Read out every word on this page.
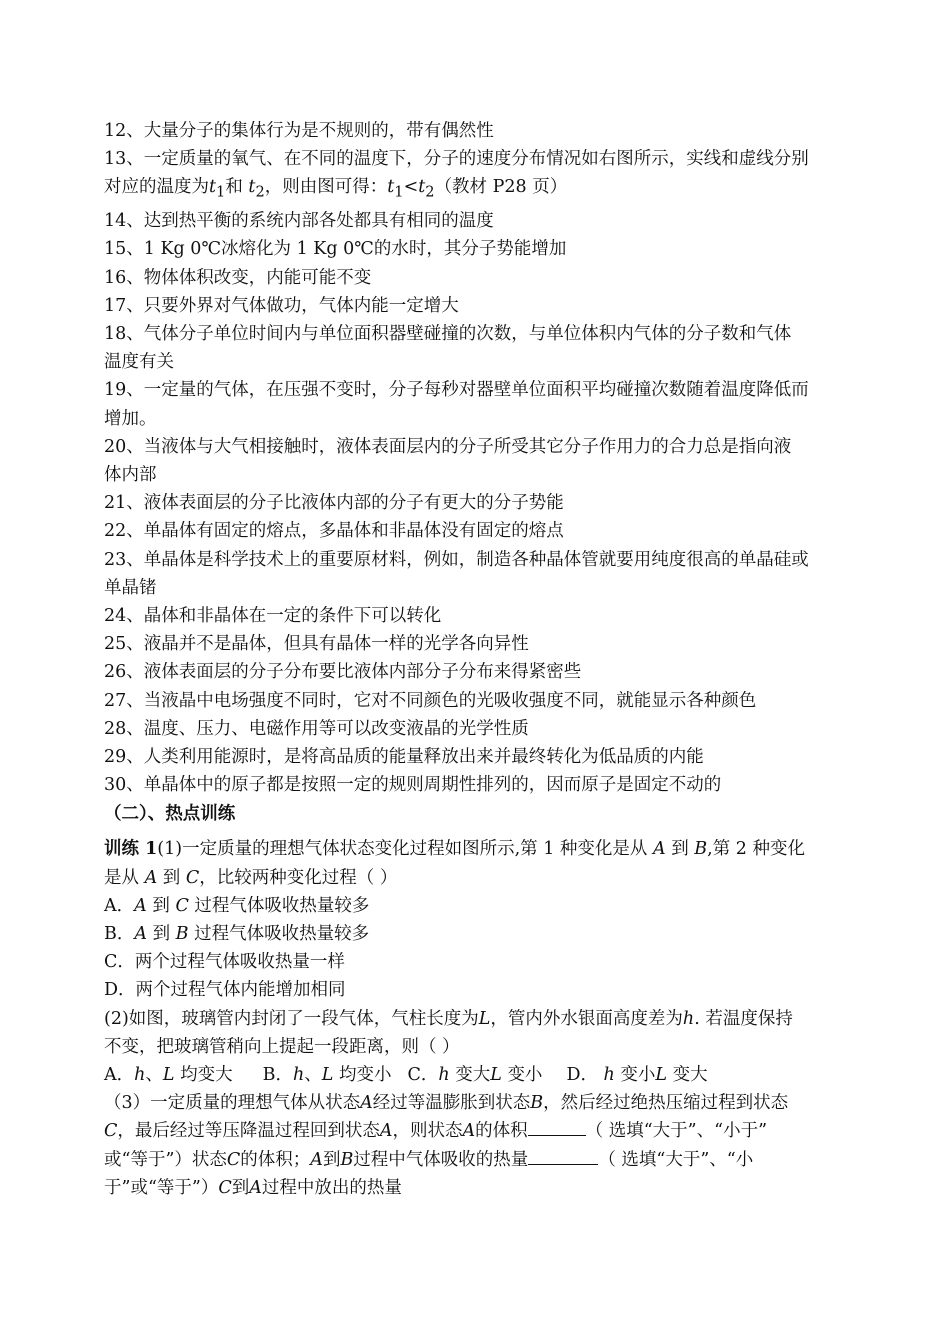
12、大量分子的集体行为是不规则的，带有偶然性
13、一定质量的氧气、在不同的温度下，分子的速度分布情况如右图所示，实线和虚线分别
对应的温度为$t_1$和 $t_2$，则由图可得：$t_1<t_2$（教材 P28 页）
14、达到热平衡的系统内部各处都具有相同的温度
15、1 Kg 0℃冰熔化为 1 Kg 0℃的水时，其分子势能增加
16、物体体积改变，内能可能不变
17、只要外界对气体做功，气体内能一定增大
18、气体分子单位时间内与单位面积器壁碰撞的次数，与单位体积内气体的分子数和气体
温度有关
19、一定量的气体，在压强不变时，分子每秒对器壁单位面积平均碰撞次数随着温度降低而
增加。
20、当液体与大气相接触时，液体表面层内的分子所受其它分子作用力的合力总是指向液
体内部
21、液体表面层的分子比液体内部的分子有更大的分子势能
22、单晶体有固定的熔点，多晶体和非晶体没有固定的熔点
23、单晶体是科学技术上的重要原材料，例如，制造各种晶体管就要用纯度很高的单晶硅或
单晶锗
24、晶体和非晶体在一定的条件下可以转化
25、液晶并不是晶体，但具有晶体一样的光学各向异性
26、液体表面层的分子分布要比液体内部分子分布来得紧密些
27、当液晶中电场强度不同时，它对不同颜色的光吸收强度不同，就能显示各种颜色
28、温度、压力、电磁作用等可以改变液晶的光学性质
29、人类利用能源时，是将高品质的能量释放出来并最终转化为低品质的内能
30、单晶体中的原子都是按照一定的规则周期性排列的，因而原子是固定不动的
（二）、热点训练
训练 1(1)一定质量的理想气体状态变化过程如图所示,第 1 种变化是从 A 到 B,第 2 种变化
是从 A 到 C，比较两种变化过程（ ）
A．A 到 C 过程气体吸收热量较多
B．A 到 B 过程气体吸收热量较多
C．两个过程气体吸收热量一样
D．两个过程气体内能增加相同
(2)如图，玻璃管内封闭了一段气体，气柱长度为L，管内外水银面高度差为h. 若温度保持
不变，把玻璃管稍向上提起一段距离，则（ ）
A．h、L 均变大 B．h、L 均变小 C．h 变大L 变小 D． h 变小L 变大
（3）一定质量的理想气体从状态A经过等温膨胀到状态B，然后经过绝热压缩过程到状态
C，最后经过等压降温过程回到状态A，则状态A的体积	（ 选填“大于”、“小于”
或“等于”）状态C的体积；A到B过程中气体吸收的热量	（ 选填“大于”、“小
于”或“等于”）C到A过程中放出的热量
